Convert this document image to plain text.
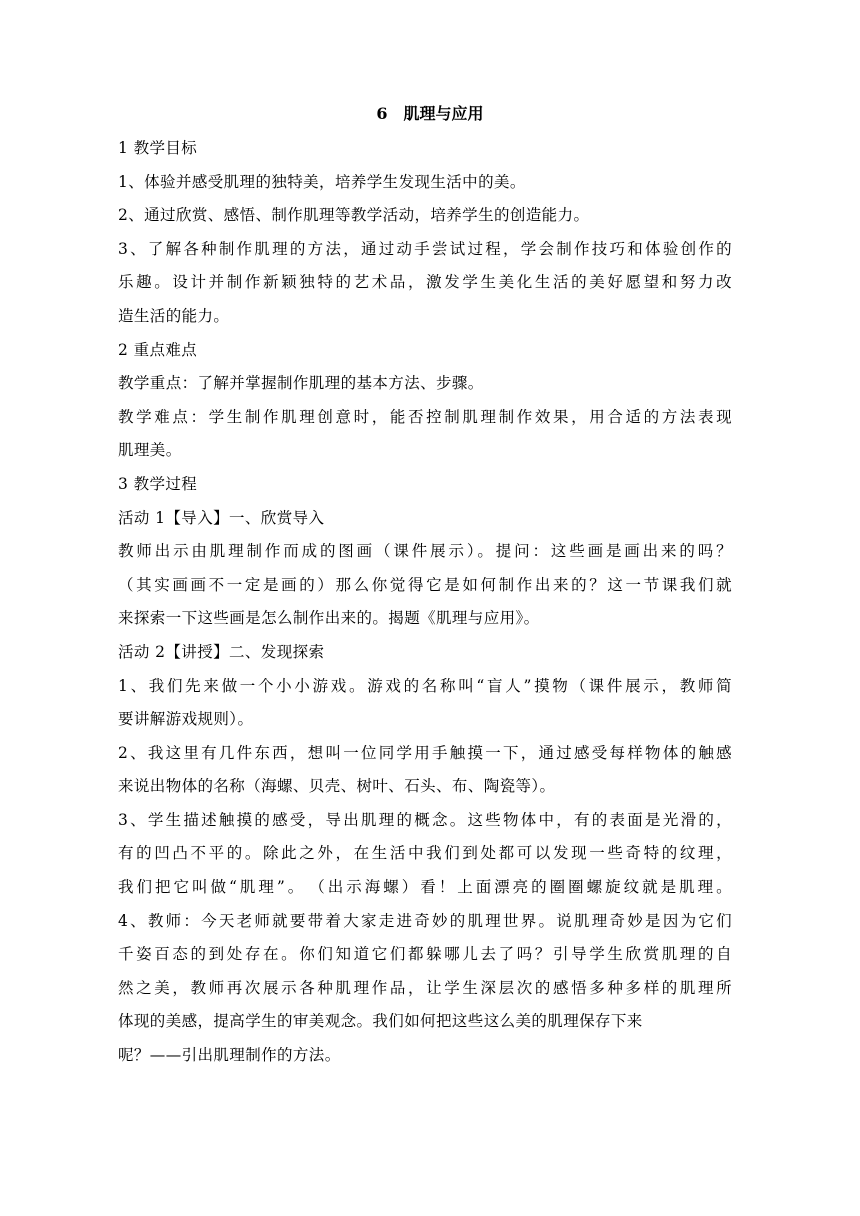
6　肌理与应用

1 教学目标

1、体验并感受肌理的独特美，培养学生发现生活中的美。

2、通过欣赏、感悟、制作肌理等教学活动，培养学生的创造能力。

3、了解各种制作肌理的方法，通过动手尝试过程，学会制作技巧和体验创作的

乐趣。设计并制作新颖独特的艺术品，激发学生美化生活的美好愿望和努力改

造生活的能力。

2 重点难点

教学重点：了解并掌握制作肌理的基本方法、步骤。

教学难点：学生制作肌理创意时，能否控制肌理制作效果，用合适的方法表现

肌理美。

3 教学过程

活动 1【导入】一、欣赏导入

教师出示由肌理制作而成的图画（课件展示）。提问：这些画是画出来的吗？

（其实画画不一定是画的）那么你觉得它是如何制作出来的？这一节课我们就

来探索一下这些画是怎么制作出来的。揭题《肌理与应用》。

活动 2【讲授】二、发现探索

1、我们先来做一个小小游戏。游戏的名称叫“盲人”摸物（课件展示，教师简

要讲解游戏规则）。

2、我这里有几件东西，想叫一位同学用手触摸一下，通过感受每样物体的触感

来说出物体的名称（海螺、贝壳、树叶、石头、布、陶瓷等）。

3、学生描述触摸的感受，导出肌理的概念。这些物体中，有的表面是光滑的，

有的凹凸不平的。除此之外，在生活中我们到处都可以发现一些奇特的纹理，

我们把它叫做“肌理”。　（出示海螺）看！上面漂亮的圈圈螺旋纹就是肌理。

4、教师：今天老师就要带着大家走进奇妙的肌理世界。说肌理奇妙是因为它们

千姿百态的到处存在。你们知道它们都躲哪儿去了吗？引导学生欣赏肌理的自

然之美，教师再次展示各种肌理作品，让学生深层次的感悟多种多样的肌理所

体现的美感，提高学生的审美观念。我们如何把这些这么美的肌理保存下来

呢？——引出肌理制作的方法。
